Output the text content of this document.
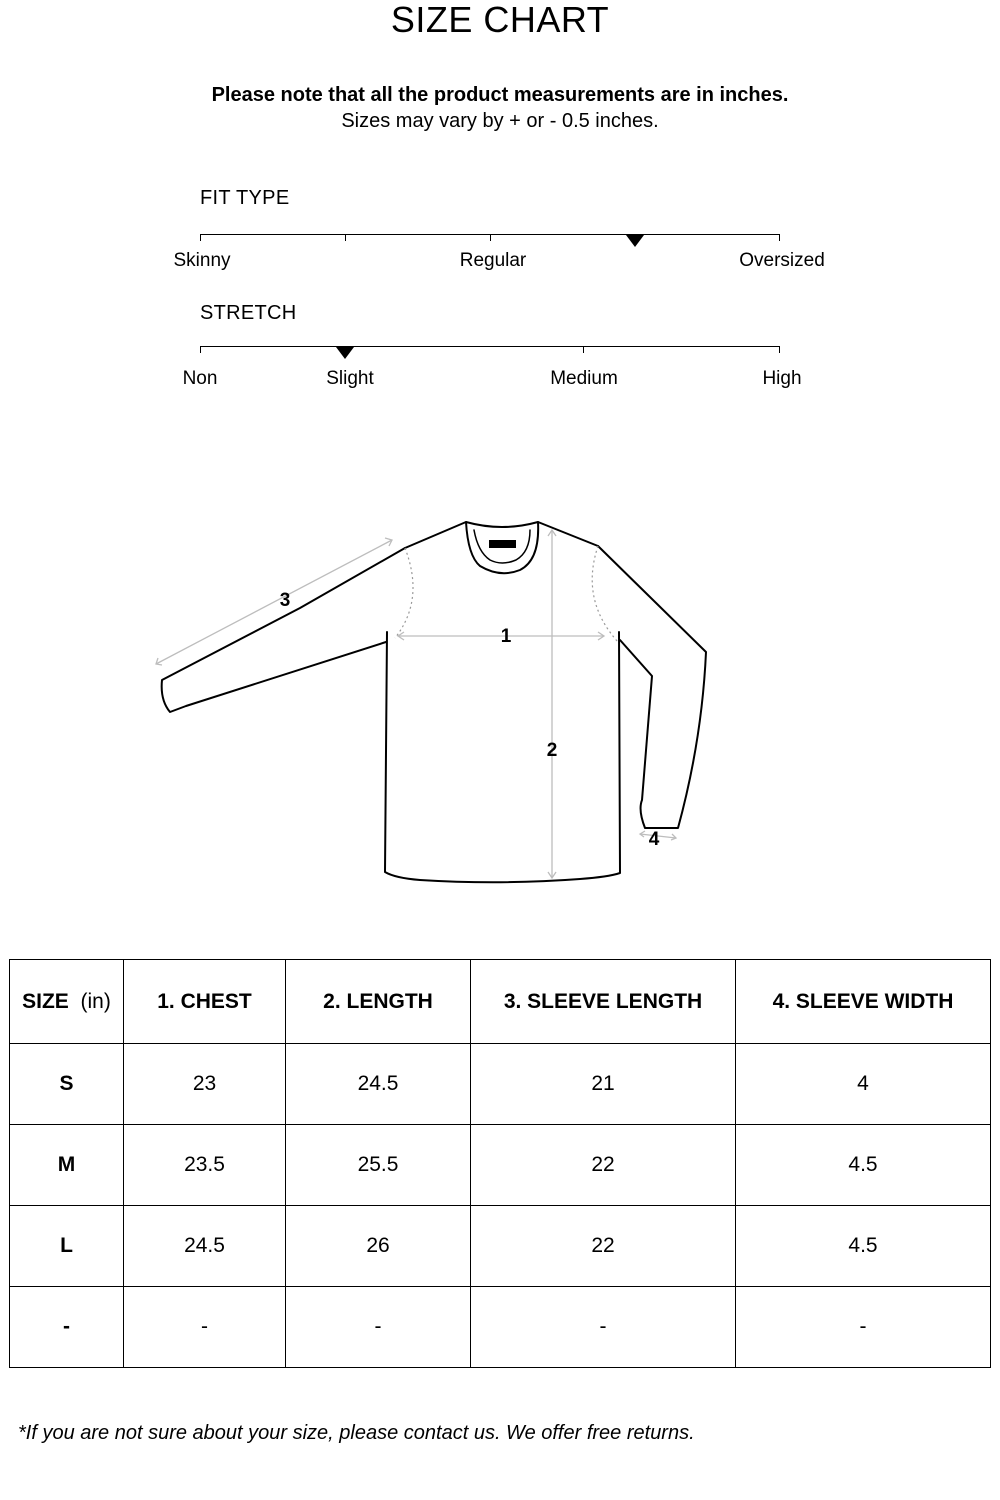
SIZE CHART
Please note that all the product measurements are in inches.
Sizes may vary by + or - 0.5 inches.
FIT TYPE
Skinny	Regular	Oversized
STRETCH
Non	Slight	Medium	High
1
2
3
4
SIZE (in)	1. CHEST	2. LENGTH	3. SLEEVE LENGTH	4. SLEEVE WIDTH
S	23	24.5	21	4
M	23.5	25.5	22	4.5
L	24.5	26	22	4.5
-	-	-	-	-
*If you are not sure about your size, please contact us. We offer free returns.
